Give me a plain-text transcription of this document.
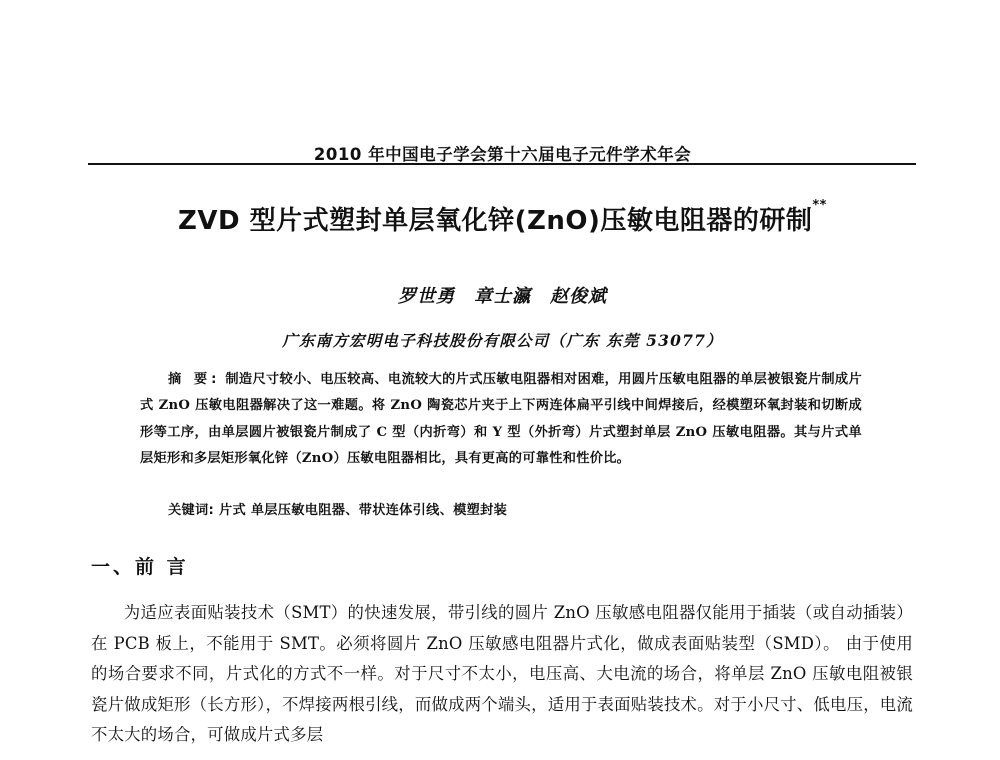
2010 年中国电子学会第十六届电子元件学术年会
ZVD 型片式塑封单层氧化锌(ZnO)压敏电阻器的研制**
罗世勇　章士瀛　赵俊斌
广东南方宏明电子科技股份有限公司（广东 东莞 53077）
摘 要: 制造尺寸较小、电压较高、电流较大的片式压敏电阻器相对困难，用圆片压敏电阻器的单层被银瓷片制成片式 ZnO 压敏电阻器解决了这一难题。将 ZnO 陶瓷芯片夹于上下两连体扁平引线中间焊接后，经模塑环氧封装和切断成形等工序，由单层圆片被银瓷片制成了 C 型（内折弯）和 Y 型（外折弯）片式塑封单层 ZnO 压敏电阻器。其与片式单层矩形和多层矩形氧化锌（ZnO）压敏电阻器相比，具有更高的可靠性和性价比。
关键词: 片式 单层压敏电阻器、带状连体引线、模塑封装
一、前 言
为适应表面贴装技术（SMT）的快速发展，带引线的圆片 ZnO 压敏感电阻器仅能用于插装（或自动插装）在 PCB 板上，不能用于 SMT。必须将圆片 ZnO 压敏感电阻器片式化，做成表面贴装型（SMD）。 由于使用的场合要求不同，片式化的方式不一样。对于尺寸不太小，电压高、大电流的场合，将单层 ZnO 压敏电阻被银瓷片做成矩形（长方形），不焊接两根引线，而做成两个端头，适用于表面贴装技术。对于小尺寸、低电压，电流不太大的场合，可做成片式多层
